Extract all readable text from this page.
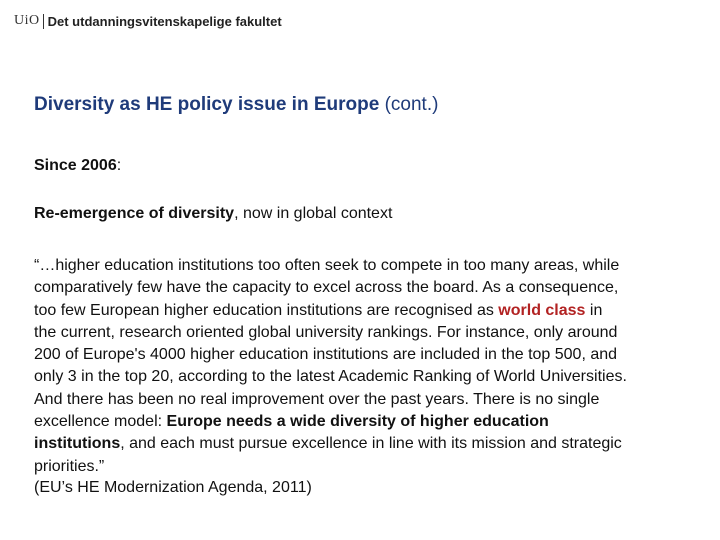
UiO Det utdanningsvitenskapelige fakultet
Diversity as HE policy issue in Europe (cont.)
Since 2006:
Re-emergence of diversity, now in global context
“…higher education institutions too often seek to compete in too many areas, while
comparatively few have the capacity to excel across the board. As a consequence,
too few European higher education institutions are recognised as world class in
the current, research oriented global university rankings. For instance, only around
200 of Europe's 4000 higher education institutions are included in the top 500, and
only 3 in the top 20, according to the latest Academic Ranking of World Universities.
And there has been no real improvement over the past years. There is no single
excellence model: Europe needs a wide diversity of higher education
institutions, and each must pursue excellence in line with its mission and strategic
priorities.”
(EU’s HE Modernization Agenda, 2011)
